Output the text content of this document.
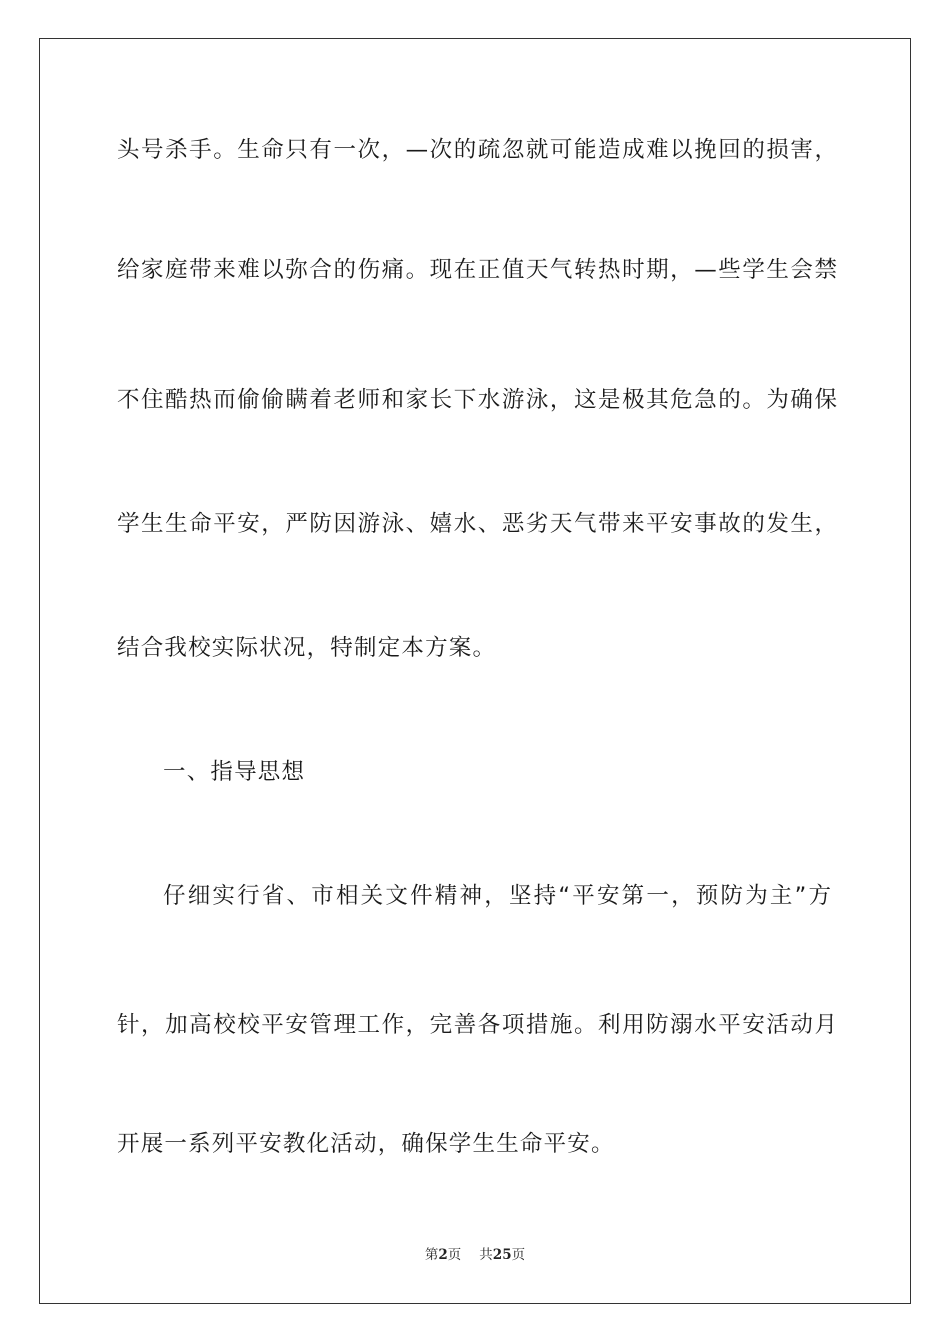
头号杀手。生命只有一次，—次的疏忽就可能造成难以挽回的损害，
给家庭带来难以弥合的伤痛。现在正值天气转热时期，—些学生会禁
不住酷热而偷偷瞒着老师和家长下水游泳，这是极其危急的。为确保
学生生命平安，严防因游泳、嬉水、恶劣天气带来平安事故的发生，
结合我校实际状况，特制定本方案。
一、指导思想
仔细实行省、市相关文件精神，坚持“平安第一，预防为主”方
针，加高校校平安管理工作，完善各项措施。利用防溺水平安活动月
开展一系列平安教化活动，确保学生生命平安。
第2页 共25页
